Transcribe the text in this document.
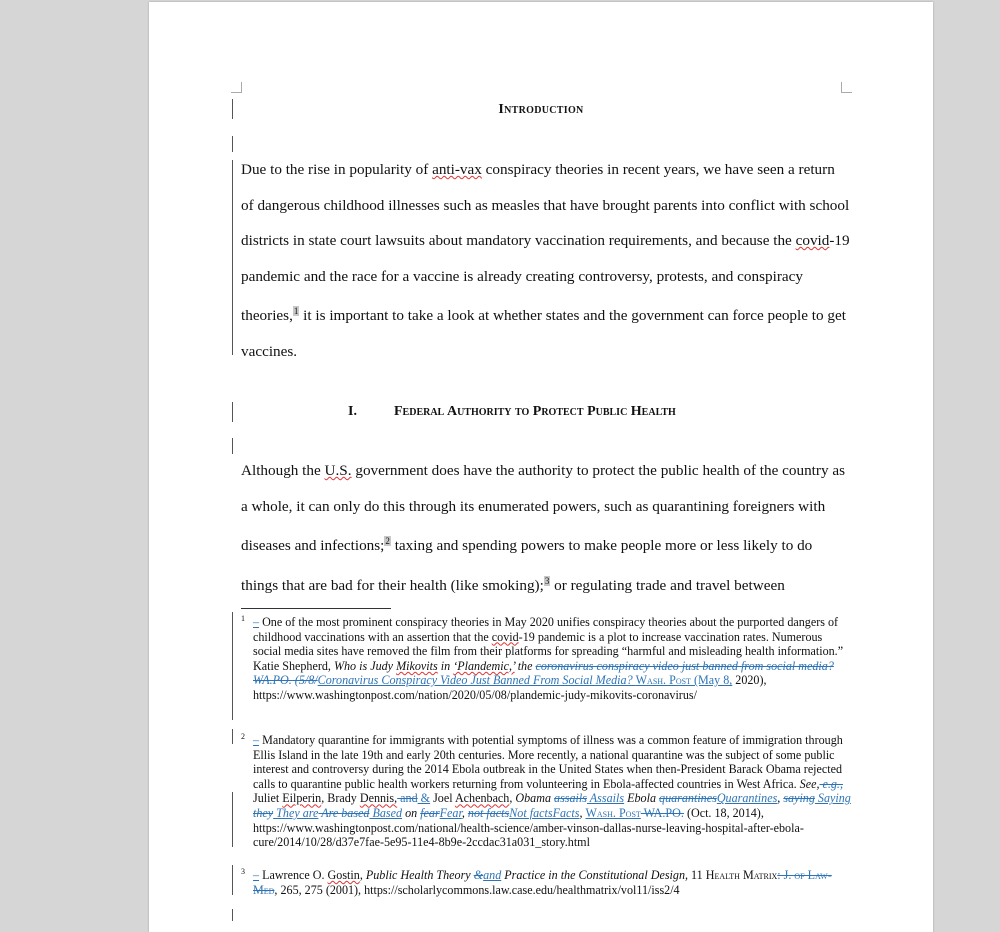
Introduction
Due to the rise in popularity of anti-vax conspiracy theories in recent years, we have seen a return of dangerous childhood illnesses such as measles that have brought parents into conflict with school districts in state court lawsuits about mandatory vaccination requirements, and because the covid-19 pandemic and the race for a vaccine is already creating controversy, protests, and conspiracy theories,$^1$ it is important to take a look at whether states and the government can force people to get vaccines.
I.	Federal Authority to Protect Public Health
Although the U.S. government does have the authority to protect the public health of the country as a whole, it can only do this through its enumerated powers, such as quarantining foreigners with diseases and infections;$^2$ taxing and spending powers to make people more or less likely to do things that are bad for their health (like smoking);$^3$ or regulating trade and travel between
1 – One of the most prominent conspiracy theories in May 2020 unifies conspiracy theories about the purported dangers of childhood vaccinations with an assertion that the covid-19 pandemic is a plot to increase vaccination rates. Numerous social media sites have removed the film from their platforms for spreading “harmful and misleading health information.” Katie Shepherd, Who is Judy Mikovits in ‘Plandemic,’ the coronavirus conspiracy video just banned from social media? WA.PO. (5/8/Coronavirus Conspiracy Video Just Banned From Social Media? Wash. Post (May 8, 2020), https://www.washingtonpost.com/nation/2020/05/08/plandemic-judy-mikovits-coronavirus/
2 – Mandatory quarantine for immigrants with potential symptoms of illness was a common feature of immigration through Ellis Island in the late 19th and early 20th centuries. More recently, a national quarantine was the subject of some public interest and controversy during the 2014 Ebola outbreak in the United States when then-President Barack Obama rejected calls to quarantine public health workers returning from volunteering in Ebola-affected countries in West Africa. See, e.g., Juliet Eilperin, Brady Dennis, and & Joel Achenbach, Obama assails Assails Ebola quarantinesQuarantines, saying Saying they They are Are based Based on fearFear, not factsNot factsFacts, Wash. Post WA.PO. (Oct. 18, 2014), https://www.washingtonpost.com/national/health-science/amber-vinson-dallas-nurse-leaving-hospital-after-ebola-cure/2014/10/28/d37e7fae-5e95-11e4-8b9e-2ccdac31a031_story.html
3 – Lawrence O. Gostin, Public Health Theory &and Practice in the Constitutional Design, 11 Health Matrix: J. of Law-Med, 265, 275 (2001), https://scholarlycommons.law.case.edu/healthmatrix/vol11/iss2/4
